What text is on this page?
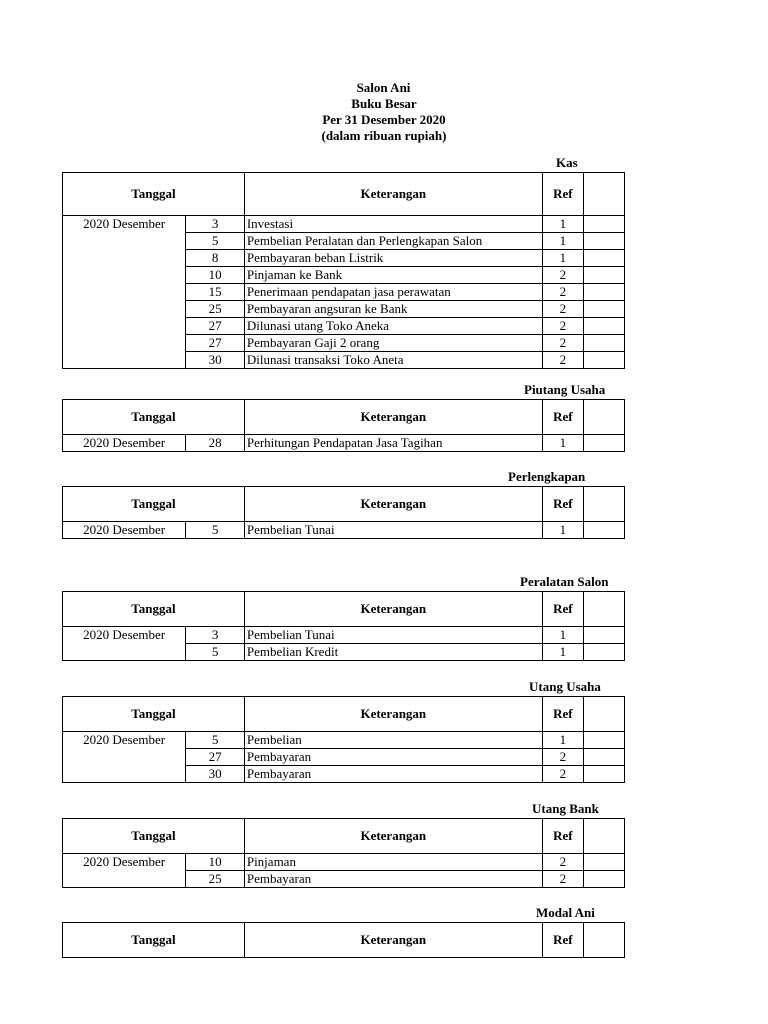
Salon Ani
Buku Besar
Per 31 Desember 2020
(dalam ribuan rupiah)
Kas
Tanggal		Keterangan	Ref	
2020 Desember	3	Investasi	1	
	5	Pembelian Peralatan dan Perlengkapan Salon	1	
	8	Pembayaran beban Listrik	1	
	10	Pinjaman ke Bank	2	
	15	Penerimaan pendapatan jasa perawatan	2	
	25	Pembayaran angsuran ke Bank	2	
	27	Dilunasi utang Toko Aneka	2	
	27	Pembayaran Gaji 2 orang	2	
	30	Dilunasi transaksi Toko Aneta	2	
Piutang Usaha
Tanggal		Keterangan	Ref	
2020 Desember	28	Perhitungan Pendapatan Jasa Tagihan	1	
Perlengkapan
Tanggal		Keterangan	Ref	
2020 Desember	5	Pembelian Tunai	1	
Peralatan Salon
Tanggal		Keterangan	Ref	
2020 Desember	3	Pembelian Tunai	1	
	5	Pembelian Kredit	1	
Utang Usaha
Tanggal		Keterangan	Ref	
2020 Desember	5	Pembelian	1	
	27	Pembayaran	2	
	30	Pembayaran	2	
Utang Bank
Tanggal		Keterangan	Ref	
2020 Desember	10	Pinjaman	2	
	25	Pembayaran	2	
Modal Ani
Tanggal	Keterangan	Ref	
